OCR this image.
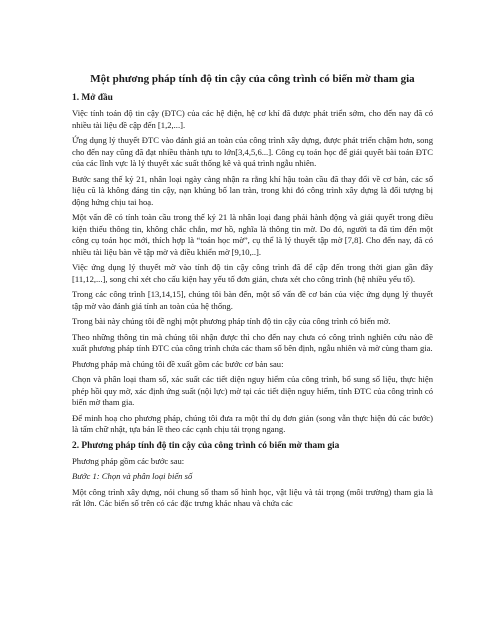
Một phương pháp tính độ tin cậy của công trình có biến mờ tham gia
1. Mở đầu

Việc tính toán độ tin cậy (ĐTC) của các hệ điện, hệ cơ khí đã được phát triển sớm, cho đến nay đã có nhiều tài liệu đề cập đến [1,2,...].

Ứng dụng lý thuyết ĐTC vào đánh giá an toàn của công trình xây dựng, được phát triển chậm hơn, song cho đến nay cũng đã đạt nhiều thành tựu to lớn[3,4,5,6...]. Công cụ toán học để giải quyết bài toán ĐTC của các lĩnh vực là lý thuyết xác suất thống kê và quá trình ngẫu nhiên.

Bước sang thế kỷ 21, nhân loại ngày càng nhận ra rằng khí hậu toàn cầu đã thay đổi về cơ bản, các số liệu cũ là không đáng tin cậy, nạn khủng bố lan tràn, trong khi đó công trình xây dựng là đối tượng bị động hứng chịu tai hoạ.

Một vấn đề có tính toàn cầu trong thế kỷ 21 là nhân loại đang phải hành động và giải quyết trong điều kiện thiếu thông tin, không chắc chắn, mơ hồ, nghĩa là thông tin mờ. Do đó, người ta đã tìm đến một công cụ toán học mới, thích hợp là “toán học mờ”, cụ thể là lý thuyết tập mờ [7,8]. Cho đến nay, đã có nhiều tài liệu bàn về tập mờ và điều khiển mờ [9,10,..].

Việc ứng dụng lý thuyết mờ vào tính độ tin cậy công trình đã để cập đến trong thời gian gần đây [11,12,...], song chỉ xét cho cấu kiện hay yếu tố đơn giản, chưa xét cho công trình (hệ nhiều yếu tố).

Trong các công trình [13,14,15], chúng tôi bàn đến, một số vấn đề cơ bản của việc ứng dụng lý thuyết tập mờ vào đánh giá tính an toàn của hệ thống.

Trong bài này chúng tôi đề nghị một phương pháp tính độ tin cậy của công trình có biến mờ.

Theo những thông tin mà chúng tôi nhận được thì cho đến nay chưa có công trình nghiên cứu nào đề xuất phương pháp tính ĐTC của công trình chứa các tham số bên định, ngẫu nhiên và mờ cùng tham gia.

Phương pháp mà chúng tôi đề xuất gồm các bước cơ bản sau:

Chọn và phân loại tham số, xác suất các tiết diện nguy hiểm của công trình, bổ sung số liệu, thực hiện phép hồi quy mờ, xác định ứng suất (nội lực) mờ tại các tiết diện nguy hiểm, tính ĐTC của công trình có biến mờ tham gia.

Để minh hoạ cho phương pháp, chúng tôi đưa ra một thí dụ đơn giản (song vẫn thực hiện đủ các bước) là tấm chữ nhật, tựa bản lề theo các cạnh chịu tải trọng ngang.

2. Phương pháp tính độ tin cậy của công trình có biến mờ tham gia

Phương pháp gồm các bước sau:

Bước 1: Chọn và phân loại biến số

Một công trình xây dựng, nói chung số tham số hình học, vật liệu và tải trọng (môi trường) tham gia là rất lớn. Các biến số trên có các đặc trưng khác nhau và chứa các
